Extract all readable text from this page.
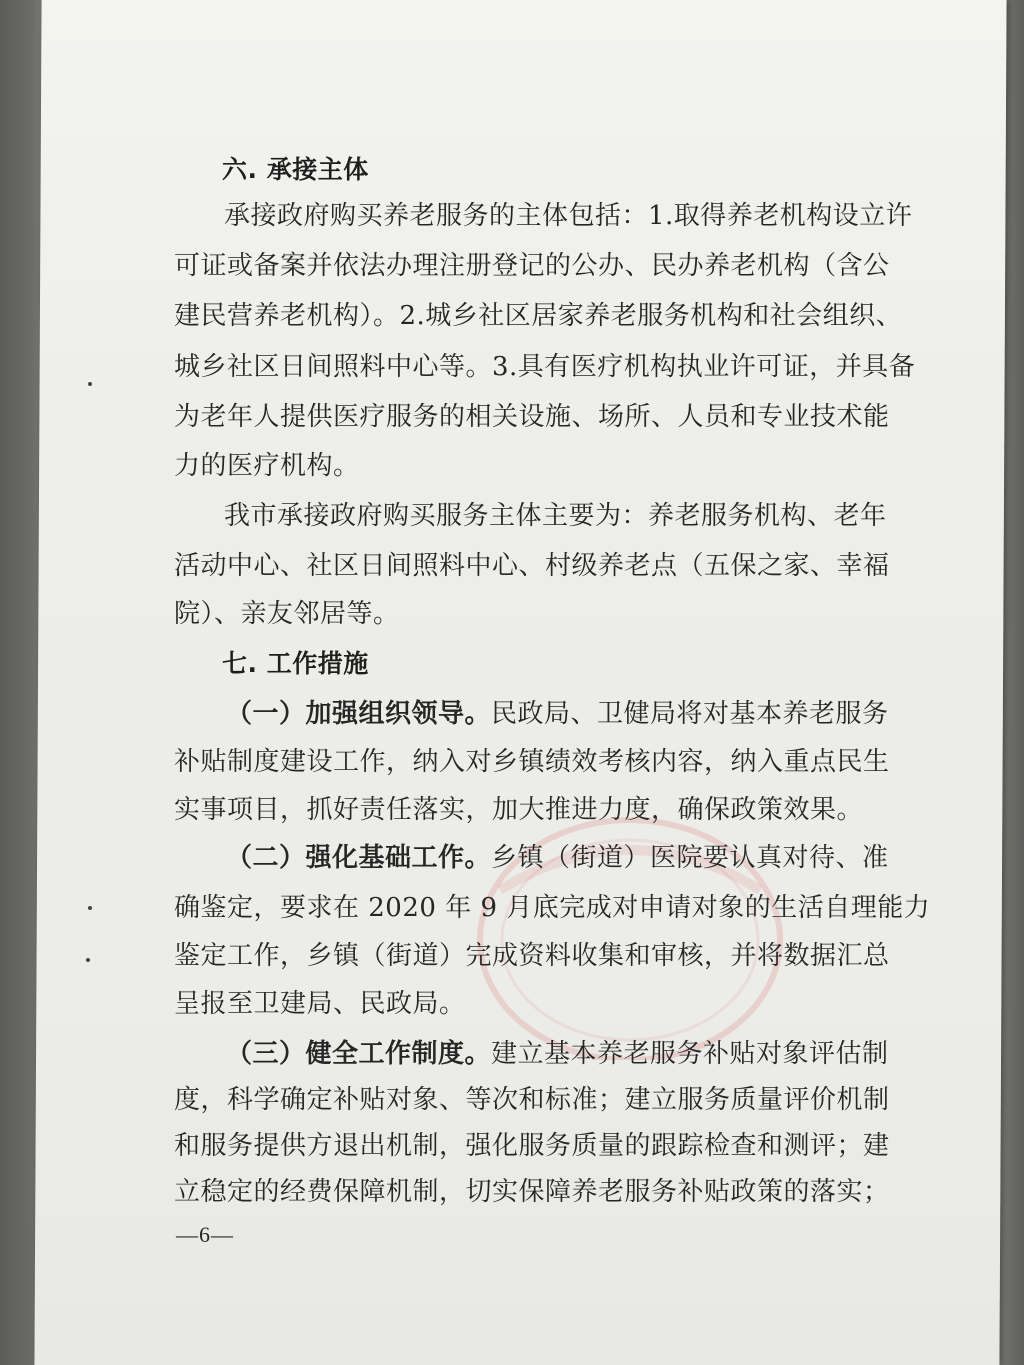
六. 承接主体
承接政府购买养老服务的主体包括：1.取得养老机构设立许
可证或备案并依法办理注册登记的公办、民办养老机构（含公
建民营养老机构）。2.城乡社区居家养老服务机构和社会组织、
城乡社区日间照料中心等。3.具有医疗机构执业许可证，并具备
为老年人提供医疗服务的相关设施、场所、人员和专业技术能
力的医疗机构。
我市承接政府购买服务主体主要为：养老服务机构、老年
活动中心、社区日间照料中心、村级养老点（五保之家、幸福
院）、亲友邻居等。
七. 工作措施
（一）加强组织领导。民政局、卫健局将对基本养老服务
补贴制度建设工作，纳入对乡镇绩效考核内容，纳入重点民生
实事项目，抓好责任落实，加大推进力度，确保政策效果。
（二）强化基础工作。乡镇（街道）医院要认真对待、准
确鉴定，要求在 2020 年 9 月底完成对申请对象的生活自理能力
鉴定工作，乡镇（街道）完成资料收集和审核，并将数据汇总
呈报至卫建局、民政局。
（三）健全工作制度。建立基本养老服务补贴对象评估制
度，科学确定补贴对象、等次和标准；建立服务质量评价机制
和服务提供方退出机制，强化服务质量的跟踪检查和测评；建
立稳定的经费保障机制，切实保障养老服务补贴政策的落实；
—6—
